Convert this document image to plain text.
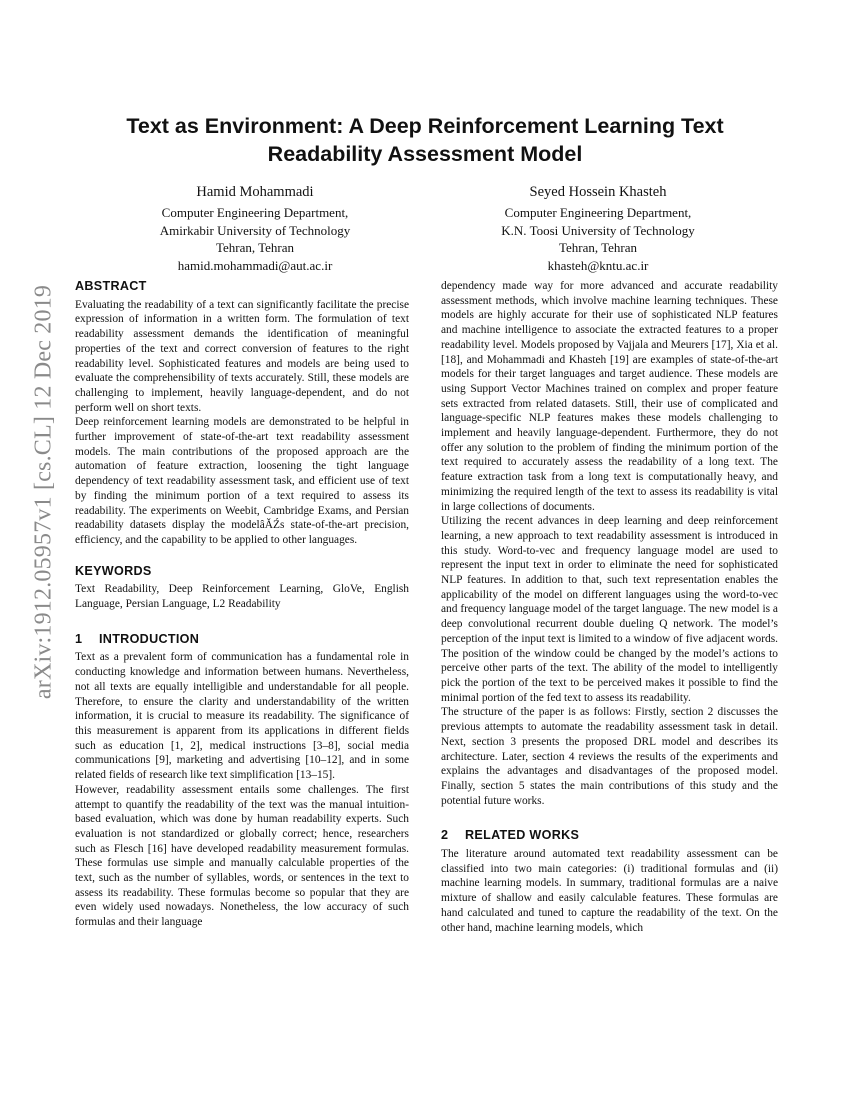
arXiv:1912.05957v1 [cs.CL] 12 Dec 2019
Text as Environment: A Deep Reinforcement Learning Text Readability Assessment Model
Hamid Mohammadi
Computer Engineering Department,
Amirkabir University of Technology
Tehran, Tehran
hamid.mohammadi@aut.ac.ir
Seyed Hossein Khasteh
Computer Engineering Department,
K.N. Toosi University of Technology
Tehran, Tehran
khasteh@kntu.ac.ir
ABSTRACT

Evaluating the readability of a text can significantly facilitate the precise expression of information in a written form. The formulation of text readability assessment demands the identification of meaningful properties of the text and correct conversion of features to the right readability level. Sophisticated features and models are being used to evaluate the comprehensibility of texts accurately. Still, these models are challenging to implement, heavily language-dependent, and do not perform well on short texts.

Deep reinforcement learning models are demonstrated to be helpful in further improvement of state-of-the-art text readability assessment models. The main contributions of the proposed approach are the automation of feature extraction, loosening the tight language dependency of text readability assessment task, and efficient use of text by finding the minimum portion of a text required to assess its readability. The experiments on Weebit, Cambridge Exams, and Persian readability datasets display the modelâĂŹs state-of-the-art precision, efficiency, and the capability to be applied to other languages.

KEYWORDS

Text Readability, Deep Reinforcement Learning, GloVe, English Language, Persian Language, L2 Readability

1 INTRODUCTION

Text as a prevalent form of communication has a fundamental role in conducting knowledge and information between humans. Nevertheless, not all texts are equally intelligible and understandable for all people. Therefore, to ensure the clarity and understandability of the written information, it is crucial to measure its readability. The significance of this measurement is apparent from its applications in different fields such as education [1, 2], medical instructions [3–8], social media communications [9], marketing and advertising [10–12], and in some related fields of research like text simplification [13–15].

However, readability assessment entails some challenges. The first attempt to quantify the readability of the text was the manual intuition-based evaluation, which was done by human readability experts. Such evaluation is not standardized or globally correct; hence, researchers such as Flesch [16] have developed readability measurement formulas. These formulas use simple and manually calculable properties of the text, such as the number of syllables, words, or sentences in the text to assess its readability. These formulas become so popular that they are even widely used nowadays. Nonetheless, the low accuracy of such formulas and their language

dependency made way for more advanced and accurate readability assessment methods, which involve machine learning techniques. These models are highly accurate for their use of sophisticated NLP features and machine intelligence to associate the extracted features to a proper readability level. Models proposed by Vajjala and Meurers [17], Xia et al. [18], and Mohammadi and Khasteh [19] are examples of state-of-the-art models for their target languages and target audience. These models are using Support Vector Machines trained on complex and proper feature sets extracted from related datasets. Still, their use of complicated and language-specific NLP features makes these models challenging to implement and heavily language-dependent. Furthermore, they do not offer any solution to the problem of finding the minimum portion of the text required to accurately assess the readability of a long text. The feature extraction task from a long text is computationally heavy, and minimizing the required length of the text to assess its readability is vital in large collections of documents.

Utilizing the recent advances in deep learning and deep reinforcement learning, a new approach to text readability assessment is introduced in this study. Word-to-vec and frequency language model are used to represent the input text in order to eliminate the need for sophisticated NLP features. In addition to that, such text representation enables the applicability of the model on different languages using the word-to-vec and frequency language model of the target language. The new model is a deep convolutional recurrent double dueling Q network. The model’s perception of the input text is limited to a window of five adjacent words. The position of the window could be changed by the model’s actions to perceive other parts of the text. The ability of the model to intelligently pick the portion of the text to be perceived makes it possible to find the minimal portion of the fed text to assess its readability.

The structure of the paper is as follows: Firstly, section 2 discusses the previous attempts to automate the readability assessment task in detail. Next, section 3 presents the proposed DRL model and describes its architecture. Later, section 4 reviews the results of the experiments and explains the advantages and disadvantages of the proposed model. Finally, section 5 states the main contributions of this study and the potential future works.

2 RELATED WORKS

The literature around automated text readability assessment can be classified into two main categories: (i) traditional formulas and (ii) machine learning models. In summary, traditional formulas are a naive mixture of shallow and easily calculable features. These formulas are hand calculated and tuned to capture the readability of the text. On the other hand, machine learning models, which
